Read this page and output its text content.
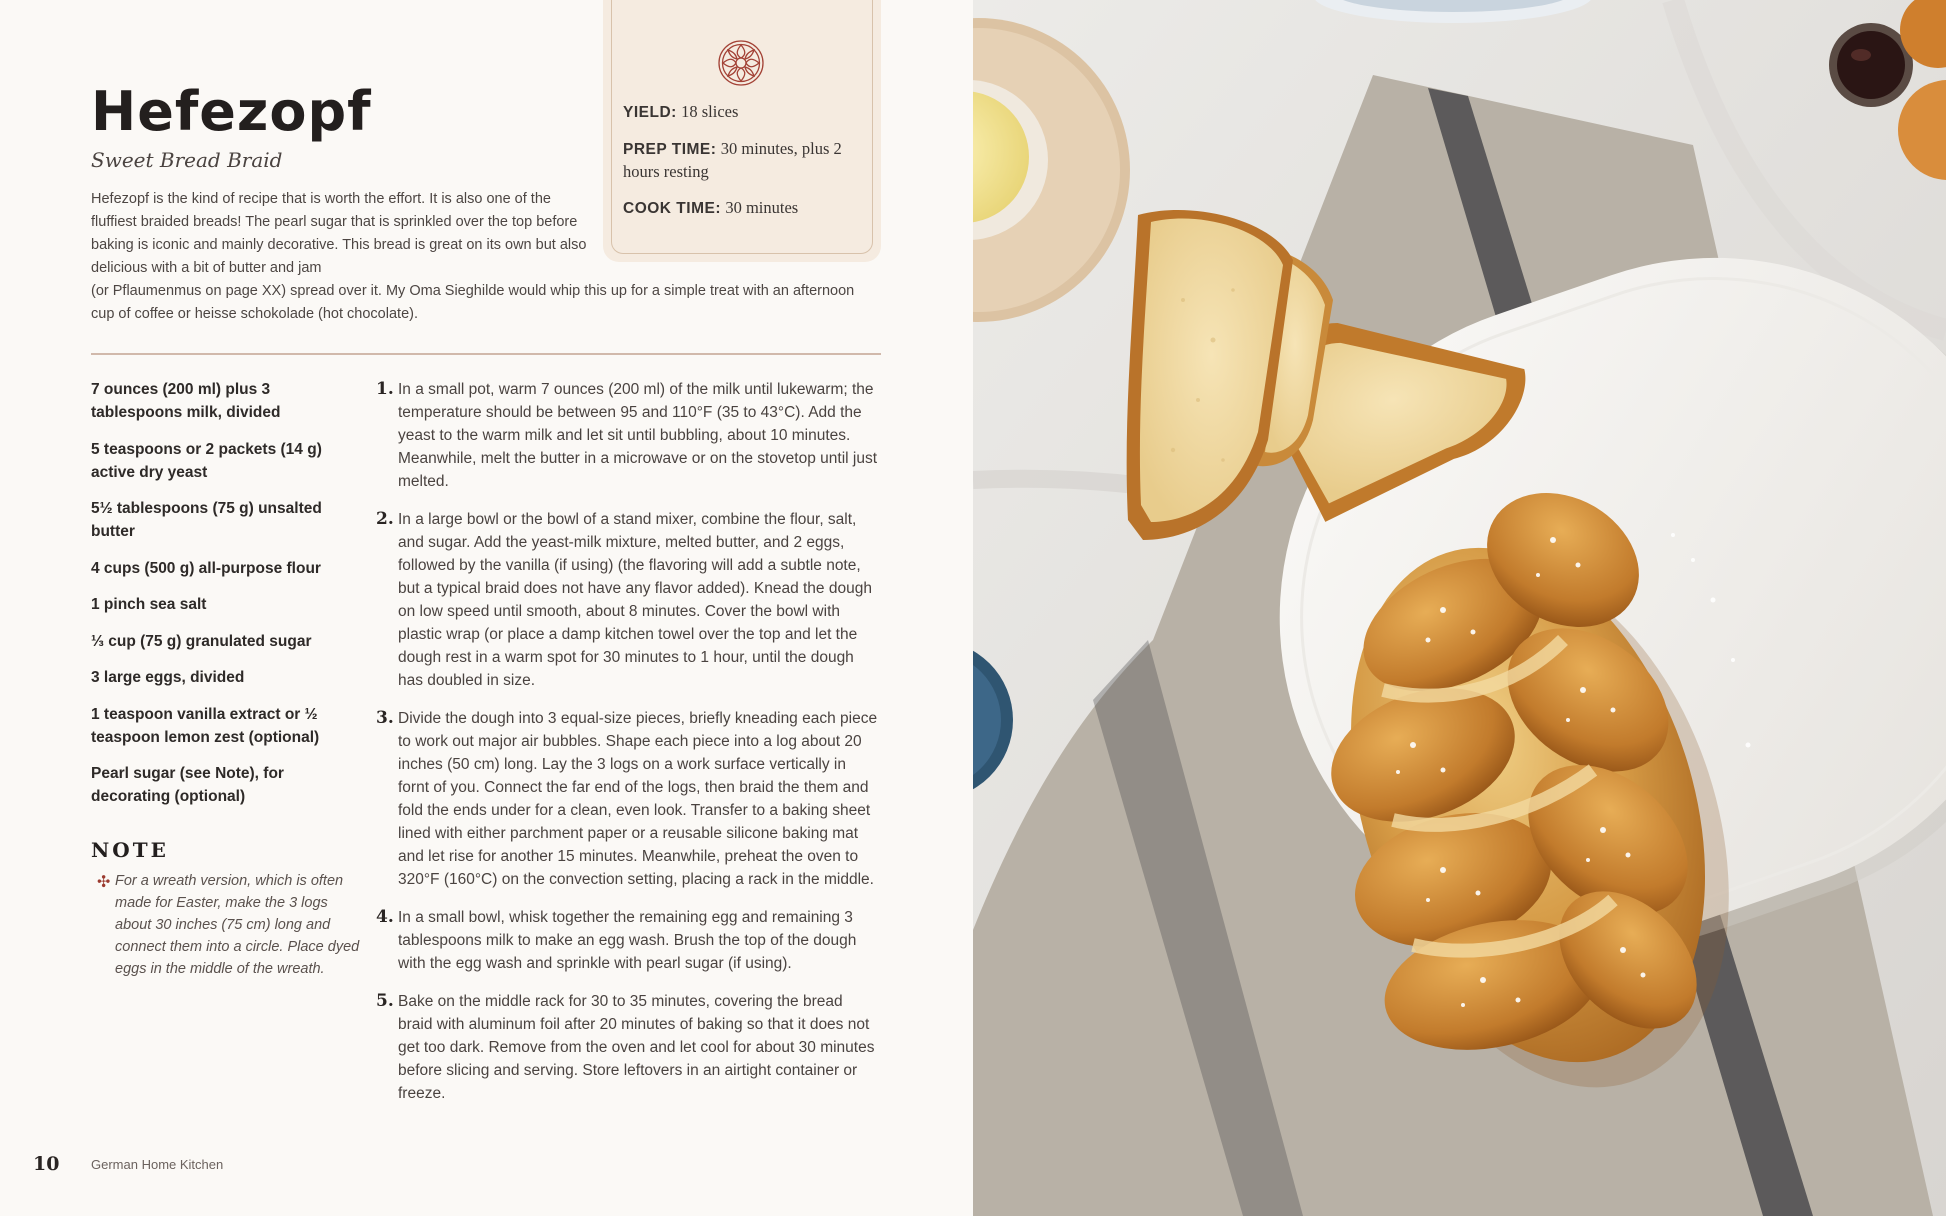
Hefezopf
Sweet Bread Braid
Hefezopf is the kind of recipe that is worth the effort. It is also one of the fluffiest braided breads! The pearl sugar that is sprinkled over the top before baking is iconic and mainly decorative. This bread is great on its own but also delicious with a bit of butter and jam
(or Pflaumenmus on page XX) spread over it. My Oma Sieghilde would whip this up for a simple treat with an afternoon cup of coffee or heisse schokolade (hot chocolate).
YIELD: 18 slices
PREP TIME: 30 minutes, plus 2 hours resting
COOK TIME: 30 minutes
7 ounces (200 ml) plus 3 tablespoons milk, divided
5 teaspoons or 2 packets (14 g) active dry yeast
5½ tablespoons (75 g) unsalted butter
4 cups (500 g) all-purpose flour
1 pinch sea salt
⅓ cup (75 g) granulated sugar
3 large eggs, divided
1 teaspoon vanilla extract or ½ teaspoon lemon zest (optional)
Pearl sugar (see Note), for decorating (optional)
NOTE
✣ For a wreath version, which is often made for Easter, make the 3 logs about 30 inches (75 cm) long and connect them into a circle. Place dyed eggs in the middle of the wreath.
1. In a small pot, warm 7 ounces (200 ml) of the milk until lukewarm; the temperature should be between 95 and 110°F (35 to 43°C). Add the yeast to the warm milk and let sit until bubbling, about 10 minutes. Meanwhile, melt the butter in a microwave or on the stovetop until just melted.
2. In a large bowl or the bowl of a stand mixer, combine the flour, salt, and sugar. Add the yeast-milk mixture, melted butter, and 2 eggs, followed by the vanilla (if using) (the flavoring will add a subtle note, but a typical braid does not have any flavor added). Knead the dough on low speed until smooth, about 8 minutes. Cover the bowl with plastic wrap (or place a damp kitchen towel over the top and let the dough rest in a warm spot for 30 minutes to 1 hour, until the dough has doubled in size.
3. Divide the dough into 3 equal-size pieces, briefly kneading each piece to work out major air bubbles. Shape each piece into a log about 20 inches (50 cm) long. Lay the 3 logs on a work surface vertically in fornt of you. Connect the far end of the logs, then braid the them and fold the ends under for a clean, even look. Transfer to a baking sheet lined with either parchment paper or a reusable silicone baking mat and let rise for another 15 minutes. Meanwhile, preheat the oven to 320°F (160°C) on the convection setting, placing a rack in the middle.
4. In a small bowl, whisk together the remaining egg and remaining 3 tablespoons milk to make an egg wash. Brush the top of the dough with the egg wash and sprinkle with pearl sugar (if using).
5. Bake on the middle rack for 30 to 35 minutes, covering the bread braid with aluminum foil after 20 minutes of baking so that it does not get too dark. Remove from the oven and let cool for about 30 minutes before slicing and serving. Store leftovers in an airtight container or freeze.
10 German Home Kitchen
